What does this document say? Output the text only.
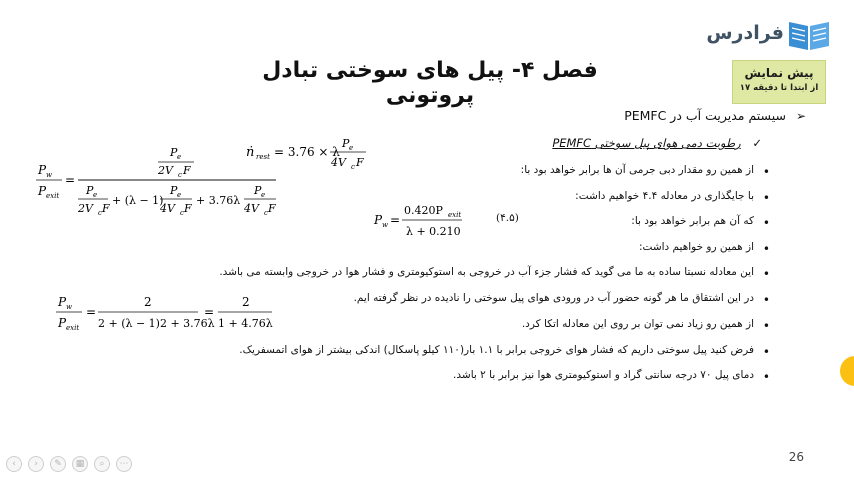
فرادرس
پیش نمایش
از ابتدا تا دقیقه ۱۷
فصل ۴- پیل های سوختی تبادل پروتونی
➢ سیستم مدیریت آب در PEMFC
✓ رطوبت دمی هوای پیل سوختی PEMFC
•
از همین رو مقدار دبی جرمی آن ها برابر خواهد بود با:
•
با جایگذاری در معادله ۴.۴ خواهیم داشت:
•
که آن هم برابر خواهد بود با:
•
از همین رو خواهیم داشت:
•
این معادله نسبتا ساده به ما می گوید که فشار جزء آب در خروجی به استوکیومتری و فشار هوا در خروجی وابسته می باشد.
•
در این اشتقاق ما هر گونه حضور آب در ورودی هوای پیل سوختی را نادیده در نظر گرفته ایم.
•
از همین رو زیاد نمی توان بر روی این معادله اتکا کرد.
•
فرض کنید پیل سوختی داریم که فشار هوای خروجی برابر با ۱.۱ بار(۱۱۰ کیلو پاسکال) اندکی بیشتر از هوای اتمسفریک.
•
دمای پیل ۷۰ درجه سانتی گراد و استوکیومتری هوا نیز برابر با ۲ باشد.
ṅ rest = 3.76 × λ
P e
4V c F
P w
P exit
=
P e
2V c F
P e
2V c F
+ (λ − 1)
P e
4V c F
+ 3.76λ
P e
4V c F
P w =
0.420P exit
λ + 0.210
(۴.۵)
P w
P exit
=
2
2 + (λ − 1)2 + 3.76λ
=
2
1 + 4.76λ
26
‹	›	✎	▦	⌕	⋯
